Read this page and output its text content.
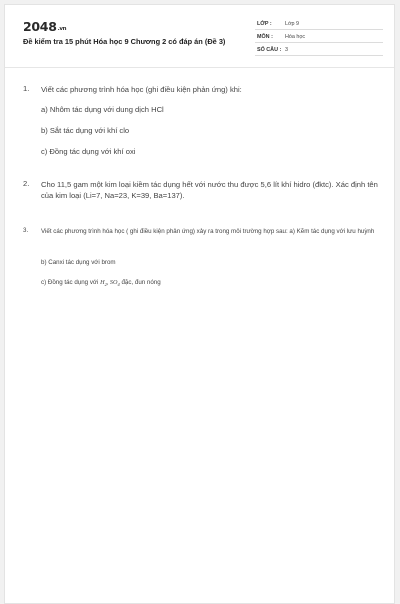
2048.vn
Đề kiểm tra 15 phút Hóa học 9 Chương 2 có đáp án (Đề 3)
LỚP : Lớp 9
MÔN : Hóa học
SỐ CÂU : 3
1. Viết các phương trình hóa học (ghi điều kiện phản ứng) khi:
a) Nhôm tác dụng với dung dịch HCl
b) Sắt tác dụng với khí clo
c) Đồng tác dụng với khí oxi
2. Cho 11,5 gam một kim loại kiềm tác dụng hết với nước thu được 5,6 lít khí hidro (đktc). Xác định tên của kim loại (Li=7, Na=23, K=39, Ba=137).
3. Viết các phương trình hóa học ( ghi điều kiện phản ứng) xảy ra trong môi trường hợp sau: a) Kẽm tác dụng với lưu huỳnh
b) Canxi tác dụng với brom
c) Đồng tác dụng với $H_2$, $SO_4$ đặc, đun nóng
